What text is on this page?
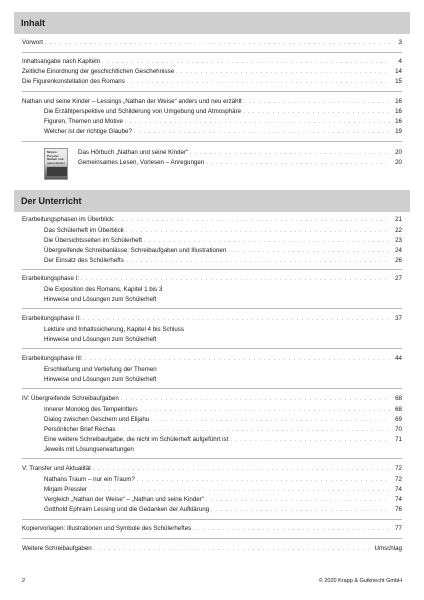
Inhalt
Vorwort . . .	3
Inhaltsangabe nach Kapiteln . . .	4
Zeitliche Einordnung der geschichtlichen Geschehnisse . . .	14
Die Figurenkonstellation des Romans . . .	15
Nathan und seine Kinder – Lessings „Nathan der Weise“ anders und neu erzählt . . .	16
Die Erzählperspektive und Schilderung von Umgebung und Atmosphäre . . .	16
Figuren, Themen und Motive . . .	16
Welcher ist der richtige Glaube? . . .	19
Mirjam
Pressler
Nathan und
seine Kinder
Das Hörbuch „Nathan und seine Kinder“ . . .	20
Gemeinsames Lesen, Vorlesen – Anregungen . . .	20
Der Unterricht
Erarbeitungsphasen im Überblick: . . .	21
Das Schülerheft im Überblick . . .	22
Die Übersichtsseiten im Schülerheft . . .	23
Übergreifende Schreibanlässe: Schreibaufgaben und Illustrationen . . .	24
Der Einsatz des Schülerhefts . . .	26
Erarbeitungsphase I: . . .	27
Die Exposition des Romans, Kapitel 1 bis 3
Hinweise und Lösungen zum Schülerheft
Erarbeitungsphase II: . . .	37
Lektüre und Inhaltssicherung, Kapitel 4 bis Schluss
Hinweise und Lösungen zum Schülerheft
Erarbeitungsphase III: . . .	44
Erschließung und Vertiefung der Themen
Hinweise und Lösungen zum Schülerheft
IV: Übergreifende Schreibaufgaben . . .	68
Innerer Monolog des Tempelritters . . .	68
Dialog zwischen Geschem und Elijahu . . .	69
Persönlicher Brief Rechas . . .	70
Eine weitere Schreibaufgabe, die nicht im Schülerheft aufgeführt ist . . .	71
Jeweils mit Lösungserwartungen
V: Transfer und Aktualität . . .	72
Nathans Traum – nur ein Traum? . . .	72
Mirjam Pressler . . .	74
Vergleich „Nathan der Weise“ – „Nathan und seine Kinder“ . . .	74
Gotthold Ephraim Lessing und die Gedanken der Aufklärung . . .	76
Kopiervorlagen: Illustrationen und Symbole des Schülerheftes . . .	77
Weitere Schreibaufgaben . . .	Umschlag
2	© 2020 Krapp & Gutknecht GmbH
